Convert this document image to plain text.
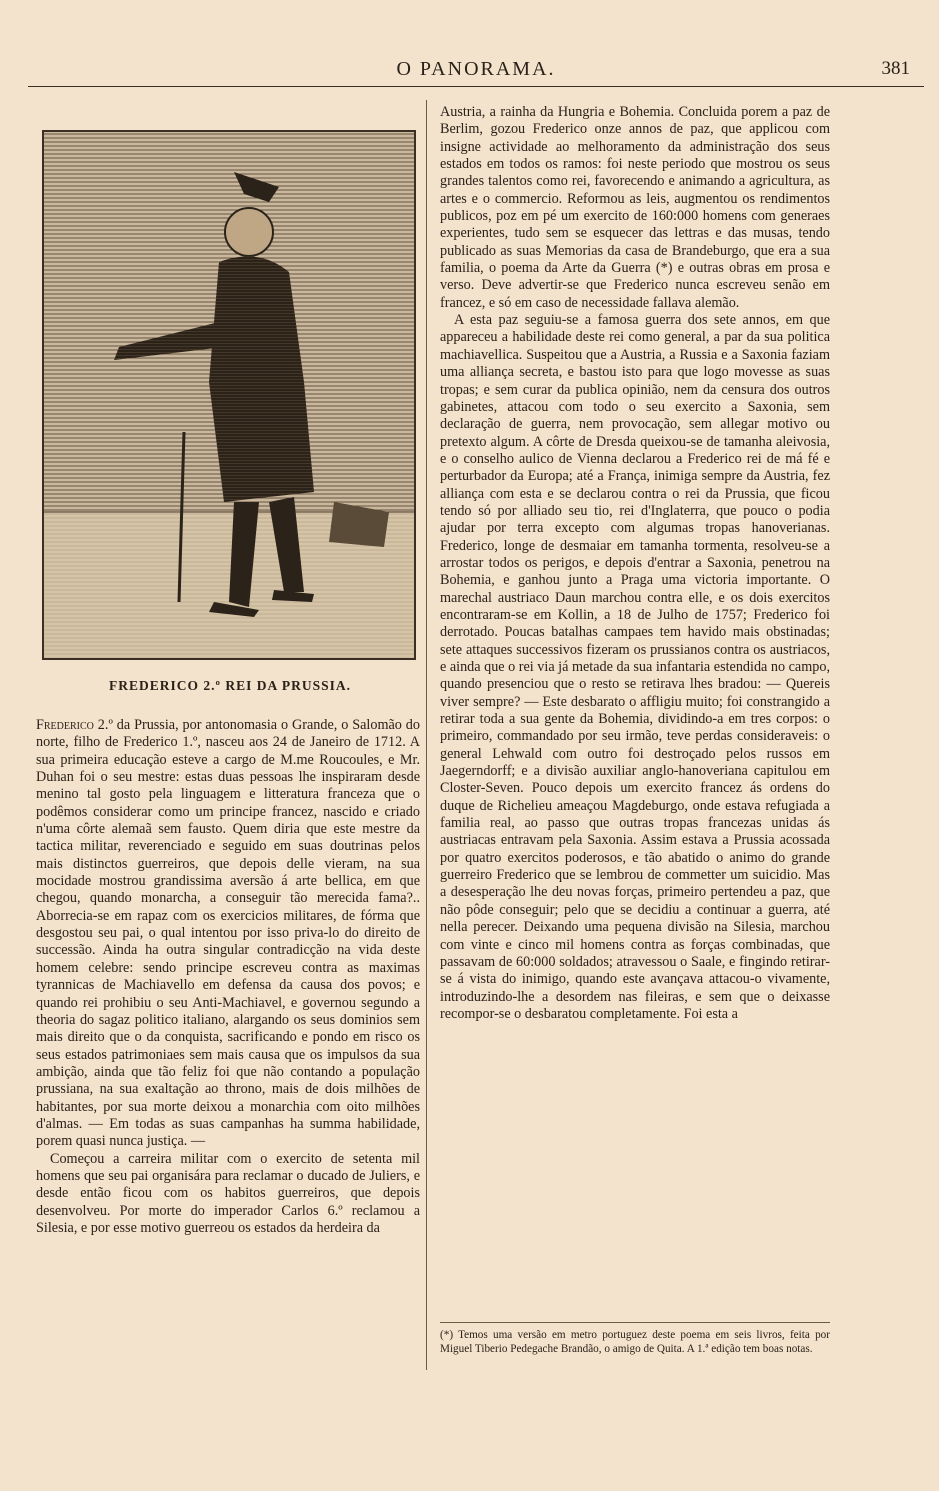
O PANORAMA.	381
FREDERICO 2.º REI DA PRUSSIA.

Frederico 2.º da Prussia, por antonomasia o Grande, o Salomão do norte, filho de Frederico 1.º, nasceu aos 24 de Janeiro de 1712. A sua primeira educação esteve a cargo de M.me Roucoules, e Mr. Duhan foi o seu mestre: estas duas pessoas lhe inspiraram desde menino tal gosto pela linguagem e litteratura franceza que o podêmos considerar como um principe francez, nascido e criado n'uma côrte alemaã sem fausto. Quem diria que este mestre da tactica militar, reverenciado e seguido em suas doutrinas pelos mais distinctos guerreiros, que depois delle vieram, na sua mocidade mostrou grandissima aversão á arte bellica, em que chegou, quando monarcha, a conseguir tão merecida fama?.. Aborrecia-se em rapaz com os exercicios militares, de fórma que desgostou seu pai, o qual intentou por isso priva-lo do direito de successão. Ainda ha outra singular contradicção na vida deste homem celebre: sendo principe escreveu contra as maximas tyrannicas de Machiavello em defensa da causa dos povos; e quando rei prohibiu o seu Anti-Machiavel, e governou segundo a theoria do sagaz politico italiano, alargando os seus dominios sem mais direito que o da conquista, sacrificando e pondo em risco os seus estados patrimoniaes sem mais causa que os impulsos da sua ambição, ainda que tão feliz foi que não contando a população prussiana, na sua exaltação ao throno, mais de dois milhões de habitantes, por sua morte deixou a monarchia com oito milhões d'almas. — Em todas as suas campanhas ha summa habilidade, porem quasi nunca justiça. —

Começou a carreira militar com o exercito de setenta mil homens que seu pai organisára para reclamar o ducado de Juliers, e desde então ficou com os habitos guerreiros, que depois desenvolveu. Por morte do imperador Carlos 6.º reclamou a Silesia, e por esse motivo guerreou os estados da herdeira da

Austria, a rainha da Hungria e Bohemia. Concluida porem a paz de Berlim, gozou Frederico onze annos de paz, que applicou com insigne actividade ao melhoramento da administração dos seus estados em todos os ramos: foi neste periodo que mostrou os seus grandes talentos como rei, favorecendo e animando a agricultura, as artes e o commercio. Reformou as leis, augmentou os rendimentos publicos, poz em pé um exercito de 160:000 homens com generaes experientes, tudo sem se esquecer das lettras e das musas, tendo publicado as suas Memorias da casa de Brandeburgo, que era a sua familia, o poema da Arte da Guerra (*) e outras obras em prosa e verso. Deve advertir-se que Frederico nunca escreveu senão em francez, e só em caso de necessidade fallava alemão.

A esta paz seguiu-se a famosa guerra dos sete annos, em que appareceu a habilidade deste rei como general, a par da sua politica machiavellica. Suspeitou que a Austria, a Russia e a Saxonia faziam uma alliança secreta, e bastou isto para que logo movesse as suas tropas; e sem curar da publica opinião, nem da censura dos outros gabinetes, attacou com todo o seu exercito a Saxonia, sem declaração de guerra, nem provocação, sem allegar motivo ou pretexto algum. A côrte de Dresda queixou-se de tamanha aleivosia, e o conselho aulico de Vienna declarou a Frederico rei de má fé e perturbador da Europa; até a França, inimiga sempre da Austria, fez alliança com esta e se declarou contra o rei da Prussia, que ficou tendo só por alliado seu tio, rei d'Inglaterra, que pouco o podia ajudar por terra excepto com algumas tropas hanoverianas. Frederico, longe de desmaiar em tamanha tormenta, resolveu-se a arrostar todos os perigos, e depois d'entrar a Saxonia, penetrou na Bohemia, e ganhou junto a Praga uma victoria importante. O marechal austriaco Daun marchou contra elle, e os dois exercitos encontraram-se em Kollin, a 18 de Julho de 1757; Frederico foi derrotado. Poucas batalhas campaes tem havido mais obstinadas; sete attaques successivos fizeram os prussianos contra os austriacos, e ainda que o rei via já metade da sua infantaria estendida no campo, quando presenciou que o resto se retirava lhes bradou: — Quereis viver sempre? — Este desbarato o affligiu muito; foi constrangido a retirar toda a sua gente da Bohemia, dividindo-a em tres corpos: o primeiro, commandado por seu irmão, teve perdas consideraveis: o general Lehwald com outro foi destroçado pelos russos em Jaegerndorff; e a divisão auxiliar anglo-hanoveriana capitulou em Closter-Seven. Pouco depois um exercito francez ás ordens do duque de Richelieu ameaçou Magdeburgo, onde estava refugiada a familia real, ao passo que outras tropas francezas unidas ás austriacas entravam pela Saxonia. Assim estava a Prussia acossada por quatro exercitos poderosos, e tão abatido o animo do grande guerreiro Frederico que se lembrou de commetter um suicidio. Mas a desesperação lhe deu novas forças, primeiro pertendeu a paz, que não pôde conseguir; pelo que se decidiu a continuar a guerra, até nella perecer. Deixando uma pequena divisão na Silesia, marchou com vinte e cinco mil homens contra as forças combinadas, que passavam de 60:000 soldados; atravessou o Saale, e fingindo retirar-se á vista do inimigo, quando este avançava attacou-o vivamente, introduzindo-lhe a desordem nas fileiras, e sem que o deixasse recompor-se o desbaratou completamente. Foi esta a

(*) Temos uma versão em metro portuguez deste poema em seis livros, feita por Miguel Tiberio Pedegache Brandão, o amigo de Quita. A 1.ª edição tem boas notas.
